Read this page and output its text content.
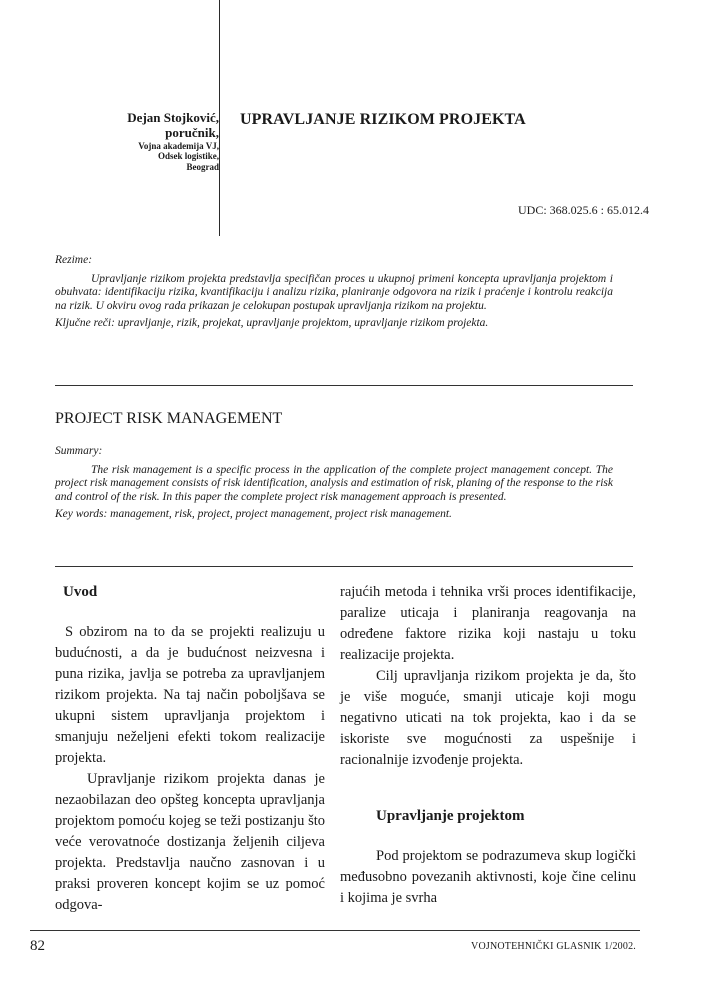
Dejan Stojković,
poručnik,
Vojna akademija VJ,
Odsek logistike,
Beograd
UPRAVLJANJE RIZIKOM PROJEKTA
UDC: 368.025.6 : 65.012.4

Rezime:

Upravljanje rizikom projekta predstavlja specifičan proces u ukupnoj primeni koncepta upravljanja projektom i obuhvata: identifikaciju rizika, kvantifikaciju i analizu rizika, planiranje odgovora na rizik i praćenje i kontrolu reakcija na rizik. U okviru ovog rada prikazan je celokupan postupak upravljanja rizikom na projektu.

Ključne reči: upravljanje, rizik, projekat, upravljanje projektom, upravljanje rizikom projekta.

PROJECT RISK MANAGEMENT

Summary:

The risk management is a specific process in the application of the complete project management concept. The project risk management consists of risk identification, analysis and estimation of risk, planing of the response to the risk and control of the risk. In this paper the complete project risk management approach is presented.

Key words: management, risk, project, project management, project risk management.

Uvod

S obzirom na to da se projekti realizuju u budućnosti, a da je budućnost neizvesna i puna rizika, javlja se potreba za upravljanjem rizikom projekta. Na taj način poboljšava se ukupni sistem upravljanja projektom i smanjuju neželjeni efekti tokom realizacije projekta.

Upravljanje rizikom projekta danas je nezaobilazan deo opšteg koncepta upravljanja projektom pomoću kojeg se teži postizanju što veće verovatnoće dostizanja željenih ciljeva projekta. Predstavlja naučno zasnovan i u praksi proveren koncept kojim se uz pomoć odgova-

rajućih metoda i tehnika vrši proces identifikacije, paralize uticaja i planiranja reagovanja na određene faktore rizika koji nastaju u toku realizacije projekta.

Cilj upravljanja rizikom projekta je da, što je više moguće, smanji uticaje koji mogu negativno uticati na tok projekta, kao i da se iskoriste sve mogućnosti za uspešnije i racionalnije izvođenje projekta.

Upravljanje projektom

Pod projektom se podrazumeva skup logički međusobno povezanih aktivnosti, koje čine celinu i kojima je svrha

82	VOJNOTEHNIČKI GLASNIK 1/2002.
